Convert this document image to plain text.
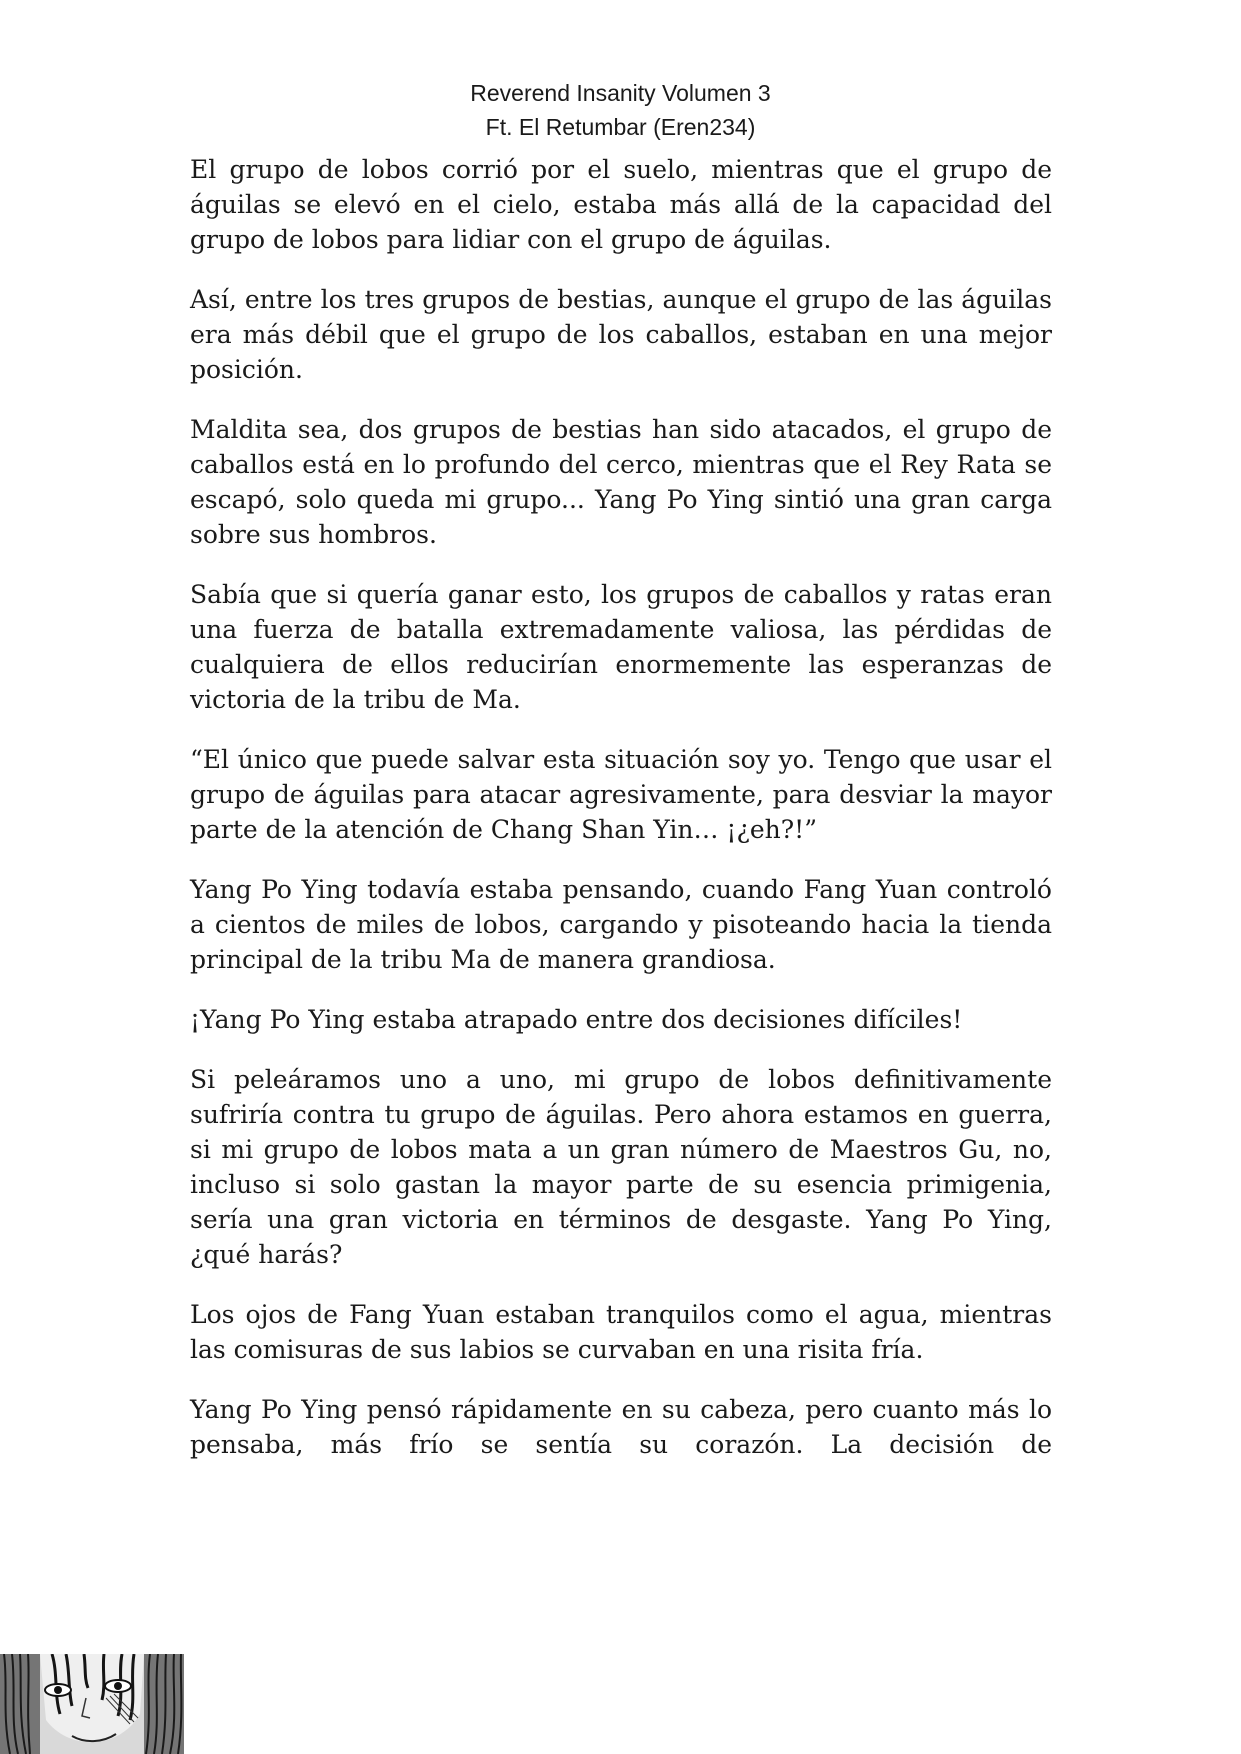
Reverend Insanity Volumen 3
Ft. El Retumbar (Eren234)

El grupo de lobos corrió por el suelo, mientras que el grupo de águilas se elevó en el cielo, estaba más allá de la capacidad del grupo de lobos para lidiar con el grupo de águilas.

Así, entre los tres grupos de bestias, aunque el grupo de las águilas era más débil que el grupo de los caballos, estaban en una mejor posición.

Maldita sea, dos grupos de bestias han sido atacados, el grupo de caballos está en lo profundo del cerco, mientras que el Rey Rata se escapó, solo queda mi grupo... Yang Po Ying sintió una gran carga sobre sus hombros.

Sabía que si quería ganar esto, los grupos de caballos y ratas eran una fuerza de batalla extremadamente valiosa, las pérdidas de cualquiera de ellos reducirían enormemente las esperanzas de victoria de la tribu de Ma.

“El único que puede salvar esta situación soy yo. Tengo que usar el grupo de águilas para atacar agresivamente, para desviar la mayor parte de la atención de Chang Shan Yin… ¡¿eh?!”

Yang Po Ying todavía estaba pensando, cuando Fang Yuan controló a cientos de miles de lobos, cargando y pisoteando hacia la tienda principal de la tribu Ma de manera grandiosa.

¡Yang Po Ying estaba atrapado entre dos decisiones difíciles!

Si peleáramos uno a uno, mi grupo de lobos definitivamente sufriría contra tu grupo de águilas. Pero ahora estamos en guerra, si mi grupo de lobos mata a un gran número de Maestros Gu, no, incluso si solo gastan la mayor parte de su esencia primigenia, sería una gran victoria en términos de desgaste. Yang Po Ying, ¿qué harás?

Los ojos de Fang Yuan estaban tranquilos como el agua, mientras las comisuras de sus labios se curvaban en una risita fría.

Yang Po Ying pensó rápidamente en su cabeza, pero cuanto más lo pensaba, más frío se sentía su corazón. La decisión de
